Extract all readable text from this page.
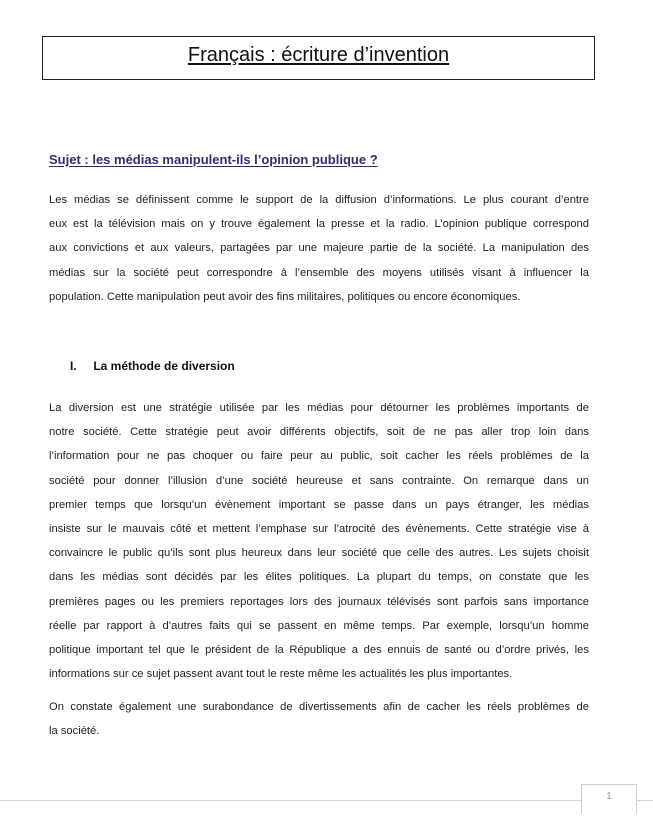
Français : écriture d’invention
Sujet : les médias manipulent-ils l’opinion publique ?
Les médias se définissent comme le support de la diffusion d’informations. Le plus courant d’entre
eux est la télévision mais on y trouve également la presse et la radio. L’opinion publique correspond
aux convictions et aux valeurs, partagées par une majeure partie de la société. La manipulation des
médias sur la société peut correspondre à l’ensemble des moyens utilisés visant à influencer la
population. Cette manipulation peut avoir des fins militaires, politiques ou encore économiques.
I. La méthode de diversion
La diversion est une stratégie utilisée par les médias pour détourner les problèmes importants de
notre société. Cette stratégie peut avoir différents objectifs, soit de ne pas aller trop loin dans
l’information pour ne pas choquer ou faire peur au public, soit cacher les réels problèmes de la
société pour donner l’illusion d’une société heureuse et sans contrainte. On remarque dans un
premier temps que lorsqu’un évènement important se passe dans un pays étranger, les médias
insiste sur le mauvais côté et mettent l’emphase sur l’atrocité des évènements. Cette stratégie vise à
convaincre le public qu’ils sont plus heureux dans leur société que celle des autres. Les sujets choisit
dans les médias sont décidés par les élites politiques. La plupart du temps, on constate que les
premières pages ou les premiers reportages lors des journaux télévisés sont parfois sans importance
réelle par rapport à d’autres faits qui se passent en même temps. Par exemple, lorsqu’un homme
politique important tel que le président de la République a des ennuis de santé ou d’ordre privés, les
informations sur ce sujet passent avant tout le reste même les actualités les plus importantes.
On constate également une surabondance de divertissements afin de cacher les réels problèmes de
la société.
1
